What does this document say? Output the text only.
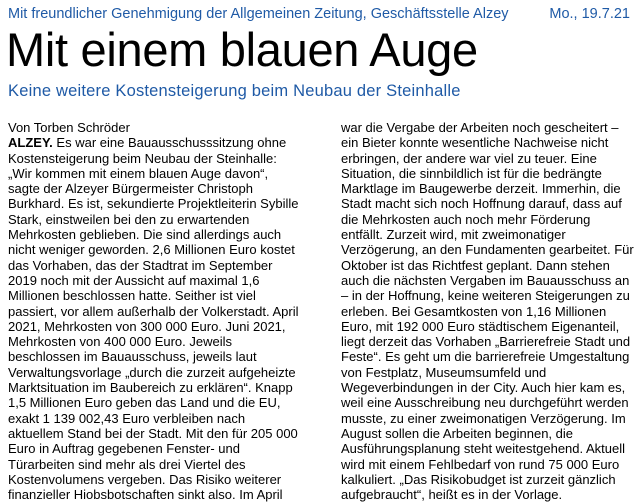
Mit freundlicher Genehmigung der Allgemeinen Zeitung, Geschäftsstelle Alzey	Mo., 19.7.21
Mit einem blauen Auge
Keine weitere Kostensteigerung beim Neubau der Steinhalle
Von Torben Schröder
ALZEY. Es war eine Bauausschusssitzung ohne
Kostensteigerung beim Neubau der Steinhalle:
„Wir kommen mit einem blauen Auge davon“,
sagte der Alzeyer Bürgermeister Christoph
Burkhard. Es ist, sekundierte Projektleiterin Sybille
Stark, einstweilen bei den zu erwartenden
Mehrkosten geblieben. Die sind allerdings auch
nicht weniger geworden. 2,6 Millionen Euro kostet
das Vorhaben, das der Stadtrat im September
2019 noch mit der Aussicht auf maximal 1,6
Millionen beschlossen hatte. Seither ist viel
passiert, vor allem außerhalb der Volkerstadt. April
2021, Mehrkosten von 300 000 Euro. Juni 2021,
Mehrkosten von 400 000 Euro. Jeweils
beschlossen im Bauausschuss, jeweils laut
Verwaltungsvorlage „durch die zurzeit aufgeheizte
Marktsituation im Baubereich zu erklären“. Knapp
1,5 Millionen Euro geben das Land und die EU,
exakt 1 139 002,43 Euro verbleiben nach
aktuellem Stand bei der Stadt. Mit den für 205 000
Euro in Auftrag gegebenen Fenster- und
Türarbeiten sind mehr als drei Viertel des
Kostenvolumens vergeben. Das Risiko weiterer
finanzieller Hiobsbotschaften sinkt also. Im April
war die Vergabe der Arbeiten noch gescheitert –
ein Bieter konnte wesentliche Nachweise nicht
erbringen, der andere war viel zu teuer. Eine
Situation, die sinnbildlich ist für die bedrängte
Marktlage im Baugewerbe derzeit. Immerhin, die
Stadt macht sich noch Hoffnung darauf, dass auf
die Mehrkosten auch noch mehr Förderung
entfällt. Zurzeit wird, mit zweimonatiger
Verzögerung, an den Fundamenten gearbeitet. Für
Oktober ist das Richtfest geplant. Dann stehen
auch die nächsten Vergaben im Bauausschuss an
– in der Hoffnung, keine weiteren Steigerungen zu
erleben. Bei Gesamtkosten von 1,16 Millionen
Euro, mit 192 000 Euro städtischem Eigenanteil,
liegt derzeit das Vorhaben „Barrierefreie Stadt und
Feste“. Es geht um die barrierefreie Umgestaltung
von Festplatz, Museumsumfeld und
Wegeverbindungen in der City. Auch hier kam es,
weil eine Ausschreibung neu durchgeführt werden
musste, zu einer zweimonatigen Verzögerung. Im
August sollen die Arbeiten beginnen, die
Ausführungsplanung steht weitestgehend. Aktuell
wird mit einem Fehlbedarf von rund 75 000 Euro
kalkuliert. „Das Risikobudget ist zurzeit gänzlich
aufgebraucht“, heißt es in der Vorlage.
